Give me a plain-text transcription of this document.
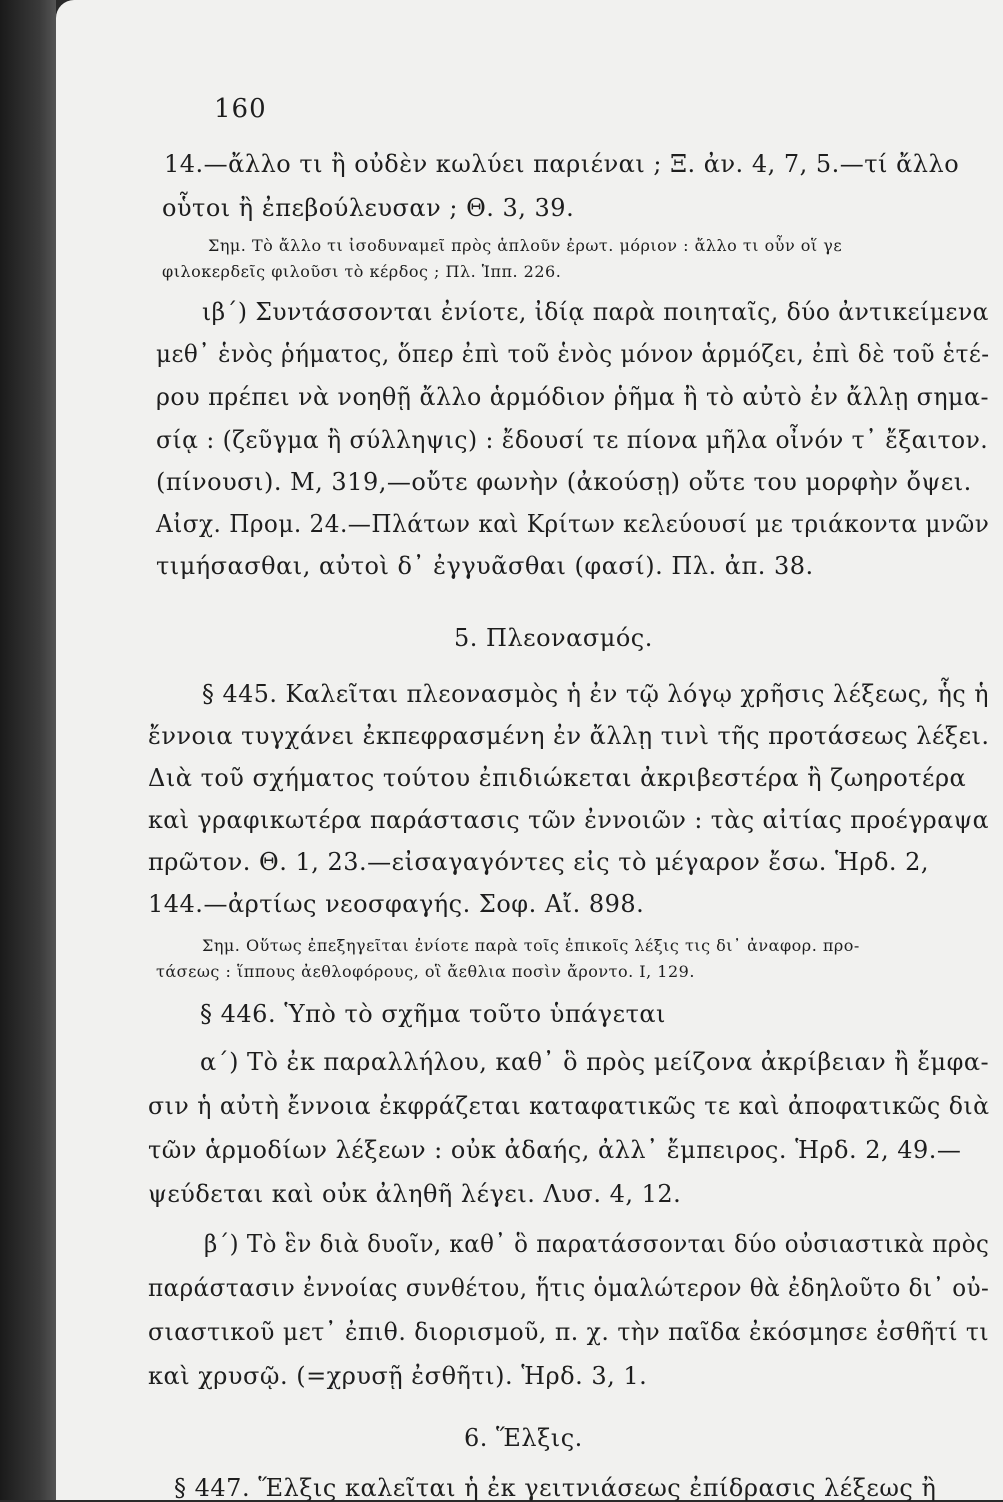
160
14.—ἄλλο τι ἢ οὐδὲν κωλύει παριέναι ; Ξ. ἀν. 4, 7, 5.—τί ἄλλο
οὗτοι ἢ ἐπεβούλευσαν ; Θ. 3, 39.
Σημ. Τὸ ἄλλο τι ἰσοδυναμεῖ πρὸς ἁπλοῦν ἐρωτ. μόριον : ἄλλο τι οὖν οἵ γε
φιλοκερδεῖς φιλοῦσι τὸ κέρδος ; Πλ. Ἱππ. 226.
ιβ΄) Συντάσσονται ἐνίοτε, ἰδίᾳ παρὰ ποιηταῖς, δύο ἀντικείμενα
μεθ᾿ ἑνὸς ῥήματος, ὅπερ ἐπὶ τοῦ ἑνὸς μόνον ἁρμόζει, ἐπὶ δὲ τοῦ ἑτέ-
ρου πρέπει νὰ νοηθῇ ἄλλο ἁρμόδιον ῥῆμα ἢ τὸ αὐτὸ ἐν ἄλλῃ σημα-
σίᾳ : (ζεῦγμα ἢ σύλληψις) : ἔδουσί τε πίονα μῆλα οἶνόν τ᾿ ἔξαιτον.
(πίνουσι). Μ, 319,—οὔτε φωνὴν (ἀκούσῃ) οὔτε του μορφὴν ὄψει.
Αἰσχ. Προμ. 24.—Πλάτων καὶ Κρίτων κελεύουσί με τριάκοντα μνῶν
τιμήσασθαι, αὐτοὶ δ᾿ ἐγγυᾶσθαι (φασί). Πλ. ἀπ. 38.
5. Πλεονασμός.
§ 445. Καλεῖται πλεονασμὸς ἡ ἐν τῷ λόγῳ χρῆσις λέξεως, ἧς ἡ
ἔννοια τυγχάνει ἐκπεφρασμένη ἐν ἄλλῃ τινὶ τῆς προτάσεως λέξει.
Διὰ τοῦ σχήματος τούτου ἐπιδιώκεται ἀκριβεστέρα ἢ ζωηροτέρα
καὶ γραφικωτέρα παράστασις τῶν ἐννοιῶν : τὰς αἰτίας προέγραψα
πρῶτον. Θ. 1, 23.—εἰσαγαγόντες εἰς τὸ μέγαρον ἔσω. Ἡρδ. 2,
144.—ἀρτίως νεοσφαγής. Σοφ. Αἴ. 898.
Σημ. Οὕτως ἐπεξηγεῖται ἐνίοτε παρὰ τοῖς ἐπικοῖς λέξις τις δι᾿ ἀναφορ. προ-
τάσεως : ἵππους ἀεθλοφόρους, οἳ ἄεθλια ποσὶν ἄροντο. Ι, 129.
§ 446. Ὑπὸ τὸ σχῆμα τοῦτο ὑπάγεται
α΄) Τὸ ἐκ παραλλήλου, καθ᾿ ὃ πρὸς μείζονα ἀκρίβειαν ἢ ἔμφα-
σιν ἡ αὐτὴ ἔννοια ἐκφράζεται καταφατικῶς τε καὶ ἀποφατικῶς διὰ
τῶν ἁρμοδίων λέξεων : οὐκ ἀδαής, ἀλλ᾿ ἔμπειρος. Ἡρδ. 2, 49.—
ψεύδεται καὶ οὐκ ἀληθῆ λέγει. Λυσ. 4, 12.
β΄) Τὸ ἓν διὰ δυοῖν, καθ᾿ ὃ παρατάσσονται δύο οὐσιαστικὰ πρὸς
παράστασιν ἐννοίας συνθέτου, ἥτις ὁμαλώτερον θὰ ἐδηλοῦτο δι᾿ οὐ-
σιαστικοῦ μετ᾿ ἐπιθ. διορισμοῦ, π. χ. τὴν παῖδα ἐκόσμησε ἐσθῆτί τι
καὶ χρυσῷ. (=χρυσῇ ἐσθῆτι). Ἡρδ. 3, 1.
6. Ἕλξις.
§ 447. Ἕλξις καλεῖται ἡ ἐκ γειτνιάσεως ἐπίδρασις λέξεως ἢ
